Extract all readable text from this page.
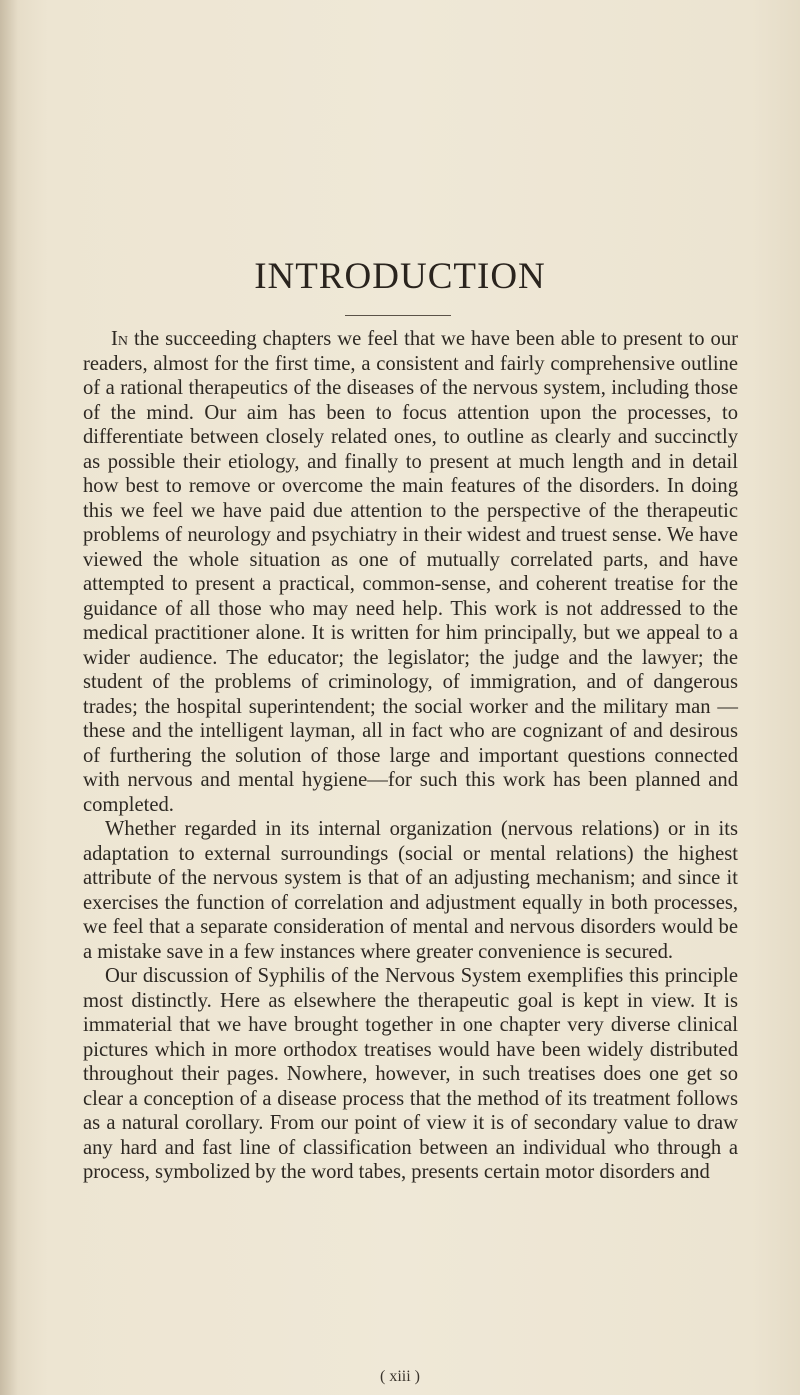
INTRODUCTION

In the succeeding chapters we feel that we have been able to present to our readers, almost for the first time, a consistent and fairly comprehensive outline of a rational therapeutics of the diseases of the nervous system, including those of the mind. Our aim has been to focus attention upon the processes, to differentiate between closely related ones, to outline as clearly and succinctly as possible their etiology, and finally to present at much length and in detail how best to remove or overcome the main features of the disorders. In doing this we feel we have paid due attention to the perspective of the therapeutic problems of neurology and psychiatry in their widest and truest sense. We have viewed the whole situation as one of mutually correlated parts, and have attempted to present a practical, common-sense, and coherent treatise for the guidance of all those who may need help. This work is not addressed to the medical practitioner alone. It is written for him principally, but we appeal to a wider audience. The educator; the legislator; the judge and the lawyer; the student of the problems of criminology, of immigration, and of dangerous trades; the hospital superintendent; the social worker and the military man —these and the intelligent layman, all in fact who are cognizant of and desirous of furthering the solution of those large and important questions connected with nervous and mental hygiene—for such this work has been planned and completed.

Whether regarded in its internal organization (nervous relations) or in its adaptation to external surroundings (social or mental relations) the highest attribute of the nervous system is that of an adjusting mechanism; and since it exercises the function of correlation and adjustment equally in both processes, we feel that a separate consideration of mental and nervous disorders would be a mistake save in a few instances where greater convenience is secured.

Our discussion of Syphilis of the Nervous System exemplifies this principle most distinctly. Here as elsewhere the therapeutic goal is kept in view. It is immaterial that we have brought together in one chapter very diverse clinical pictures which in more orthodox treatises would have been widely distributed throughout their pages. Nowhere, however, in such treatises does one get so clear a conception of a disease process that the method of its treatment follows as a natural corollary. From our point of view it is of secondary value to draw any hard and fast line of classification between an individual who through a process, symbolized by the word tabes, presents certain motor disorders and

( xiii )
